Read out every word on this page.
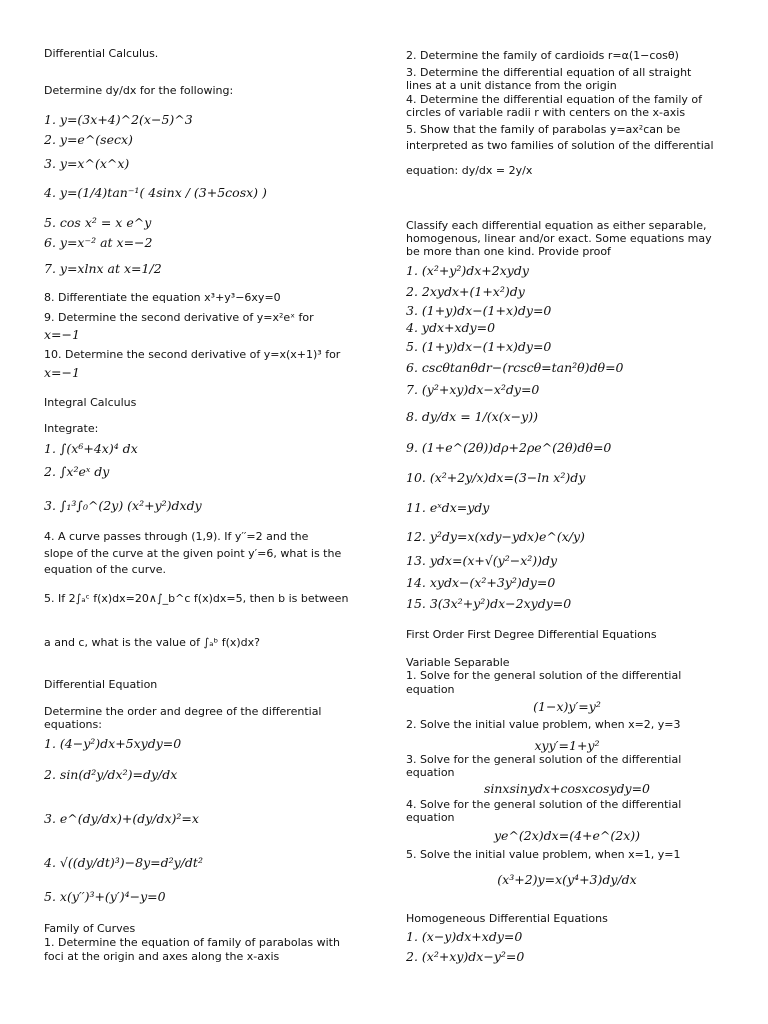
Differential Calculus.
Determine dy/dx for the following:
1. y=(3x+4)^2(x−5)^3
2. y=e^(secx)
3. y=x^(x^x)
4. y=(1/4)tan⁻¹( 4sinx / (3+5cosx) )
5. cos x² = x e^y
6. y=x⁻² at x=−2
7. y=xlnx at x=1/2
8. Differentiate the equation x³+y³−6xy=0
9. Determine the second derivative of y=x²eˣ for
x=−1
10. Determine the second derivative of y=x(x+1)³ for
x=−1
Integral Calculus
Integrate:
1. ∫(x⁶+4x)⁴ dx
2. ∫x²eˣ dy
3. ∫₁³∫₀^(2y) (x²+y²)dxdy
4. A curve passes through (1,9). If y′′=2 and the
slope of the curve at the given point y′=6, what is the
equation of the curve.
5. If 2∫ₐᶜ f(x)dx=20∧∫_b^c f(x)dx=5, then b is between
a and c, what is the value of ∫ₐᵇ f(x)dx?
Differential Equation
Determine the order and degree of the differential
equations:
1. (4−y²)dx+5xydy=0
2. sin(d²y/dx²)=dy/dx
3. e^(dy/dx)+(dy/dx)²=x
4. √((dy/dt)³)−8y=d²y/dt²
5. x(y′′)³+(y′)⁴−y=0
Family of Curves
1. Determine the equation of family of parabolas with
foci at the origin and axes along the x-axis
2. Determine the family of cardioids r=α(1−cosθ)
3. Determine the differential equation of all straight
lines at a unit distance from the origin
4. Determine the differential equation of the family of
circles of variable radii r with centers on the x-axis
5. Show that the family of parabolas y=ax²can be
interpreted as two families of solution of the differential
equation: dy/dx = 2y/x
Classify each differential equation as either separable,
homogenous, linear and/or exact. Some equations may
be more than one kind. Provide proof
1. (x²+y²)dx+2xydy
2. 2xydx+(1+x²)dy
3. (1+y)dx−(1+x)dy=0
4. ydx+xdy=0
5. (1+y)dx−(1+x)dy=0
6. cscθtanθdr−(rcscθ=tan²θ)dθ=0
7. (y²+xy)dx−x²dy=0
8. dy/dx = 1/(x(x−y))
9. (1+e^(2θ))dρ+2ρe^(2θ)dθ=0
10. (x²+2y/x)dx=(3−ln x²)dy
11. eˣdx=ydy
12. y²dy=x(xdy−ydx)e^(x/y)
13. ydx=(x+√(y²−x²))dy
14. xydx−(x²+3y²)dy=0
15. 3(3x²+y²)dx−2xydy=0
First Order First Degree Differential Equations
Variable Separable
1. Solve for the general solution of the differential
equation
(1−x)y′=y²
2. Solve the initial value problem, when x=2, y=3
xyy′=1+y²
3. Solve for the general solution of the differential
equation
sinxsinydx+cosxcosydy=0
4. Solve for the general solution of the differential
equation
ye^(2x)dx=(4+e^(2x))
5. Solve the initial value problem, when x=1, y=1
(x³+2)y=x(y⁴+3)dy/dx
Homogeneous Differential Equations
1. (x−y)dx+xdy=0
2. (x²+xy)dx−y²=0
